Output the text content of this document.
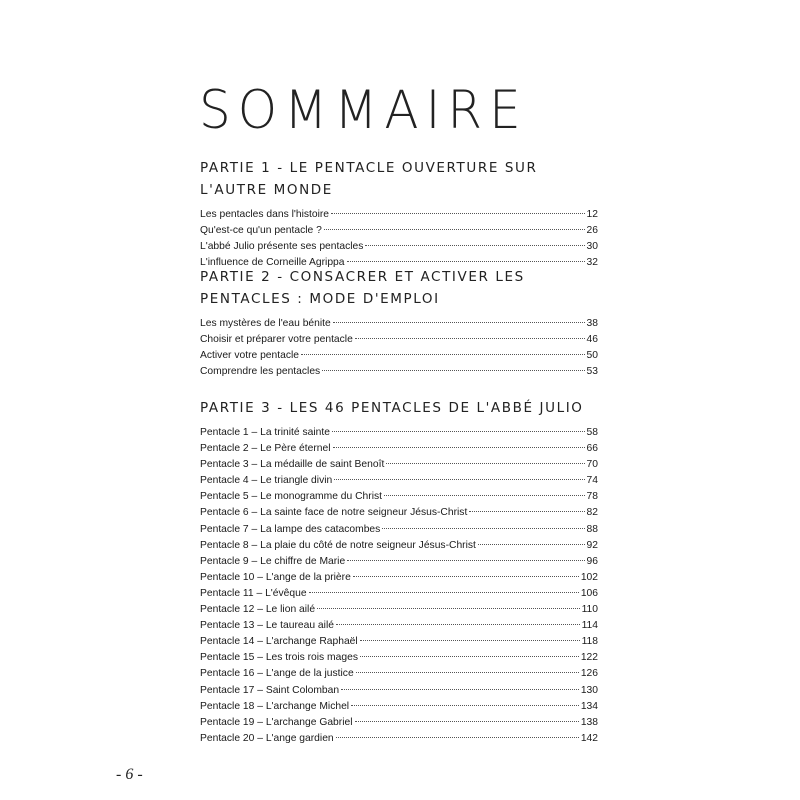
SOMMAIRE
PARTIE 1 - LE PENTACLE OUVERTURE SUR L'AUTRE MONDE
Les pentacles dans l'histoire	12
Qu'est-ce qu'un pentacle ?	26
L'abbé Julio présente ses pentacles	30
L'influence de Corneille Agrippa	32
PARTIE 2 - CONSACRER ET ACTIVER LES PENTACLES : MODE D'EMPLOI
Les mystères de l'eau bénite	38
Choisir et préparer votre pentacle	46
Activer votre pentacle	50
Comprendre les pentacles	53
PARTIE 3 - LES 46 PENTACLES DE L'ABBÉ JULIO
Pentacle 1 – La trinité sainte	58
Pentacle 2 – Le Père éternel	66
Pentacle 3 – La médaille de saint Benoît	70
Pentacle 4 – Le triangle divin	74
Pentacle 5 – Le monogramme du Christ	78
Pentacle 6 – La sainte face de notre seigneur Jésus-Christ	82
Pentacle 7 – La lampe des catacombes	88
Pentacle 8 – La plaie du côté de notre seigneur Jésus-Christ	92
Pentacle 9 – Le chiffre de Marie	96
Pentacle 10 – L'ange de la prière	102
Pentacle 11 – L'évêque	106
Pentacle 12 – Le lion ailé	110
Pentacle 13 – Le taureau ailé	114
Pentacle 14 – L'archange Raphaël	118
Pentacle 15 – Les trois rois mages	122
Pentacle 16 – L'ange de la justice	126
Pentacle 17 – Saint Colomban	130
Pentacle 18 – L'archange Michel	134
Pentacle 19 – L'archange Gabriel	138
Pentacle 20 – L'ange gardien	142
- 6 -
